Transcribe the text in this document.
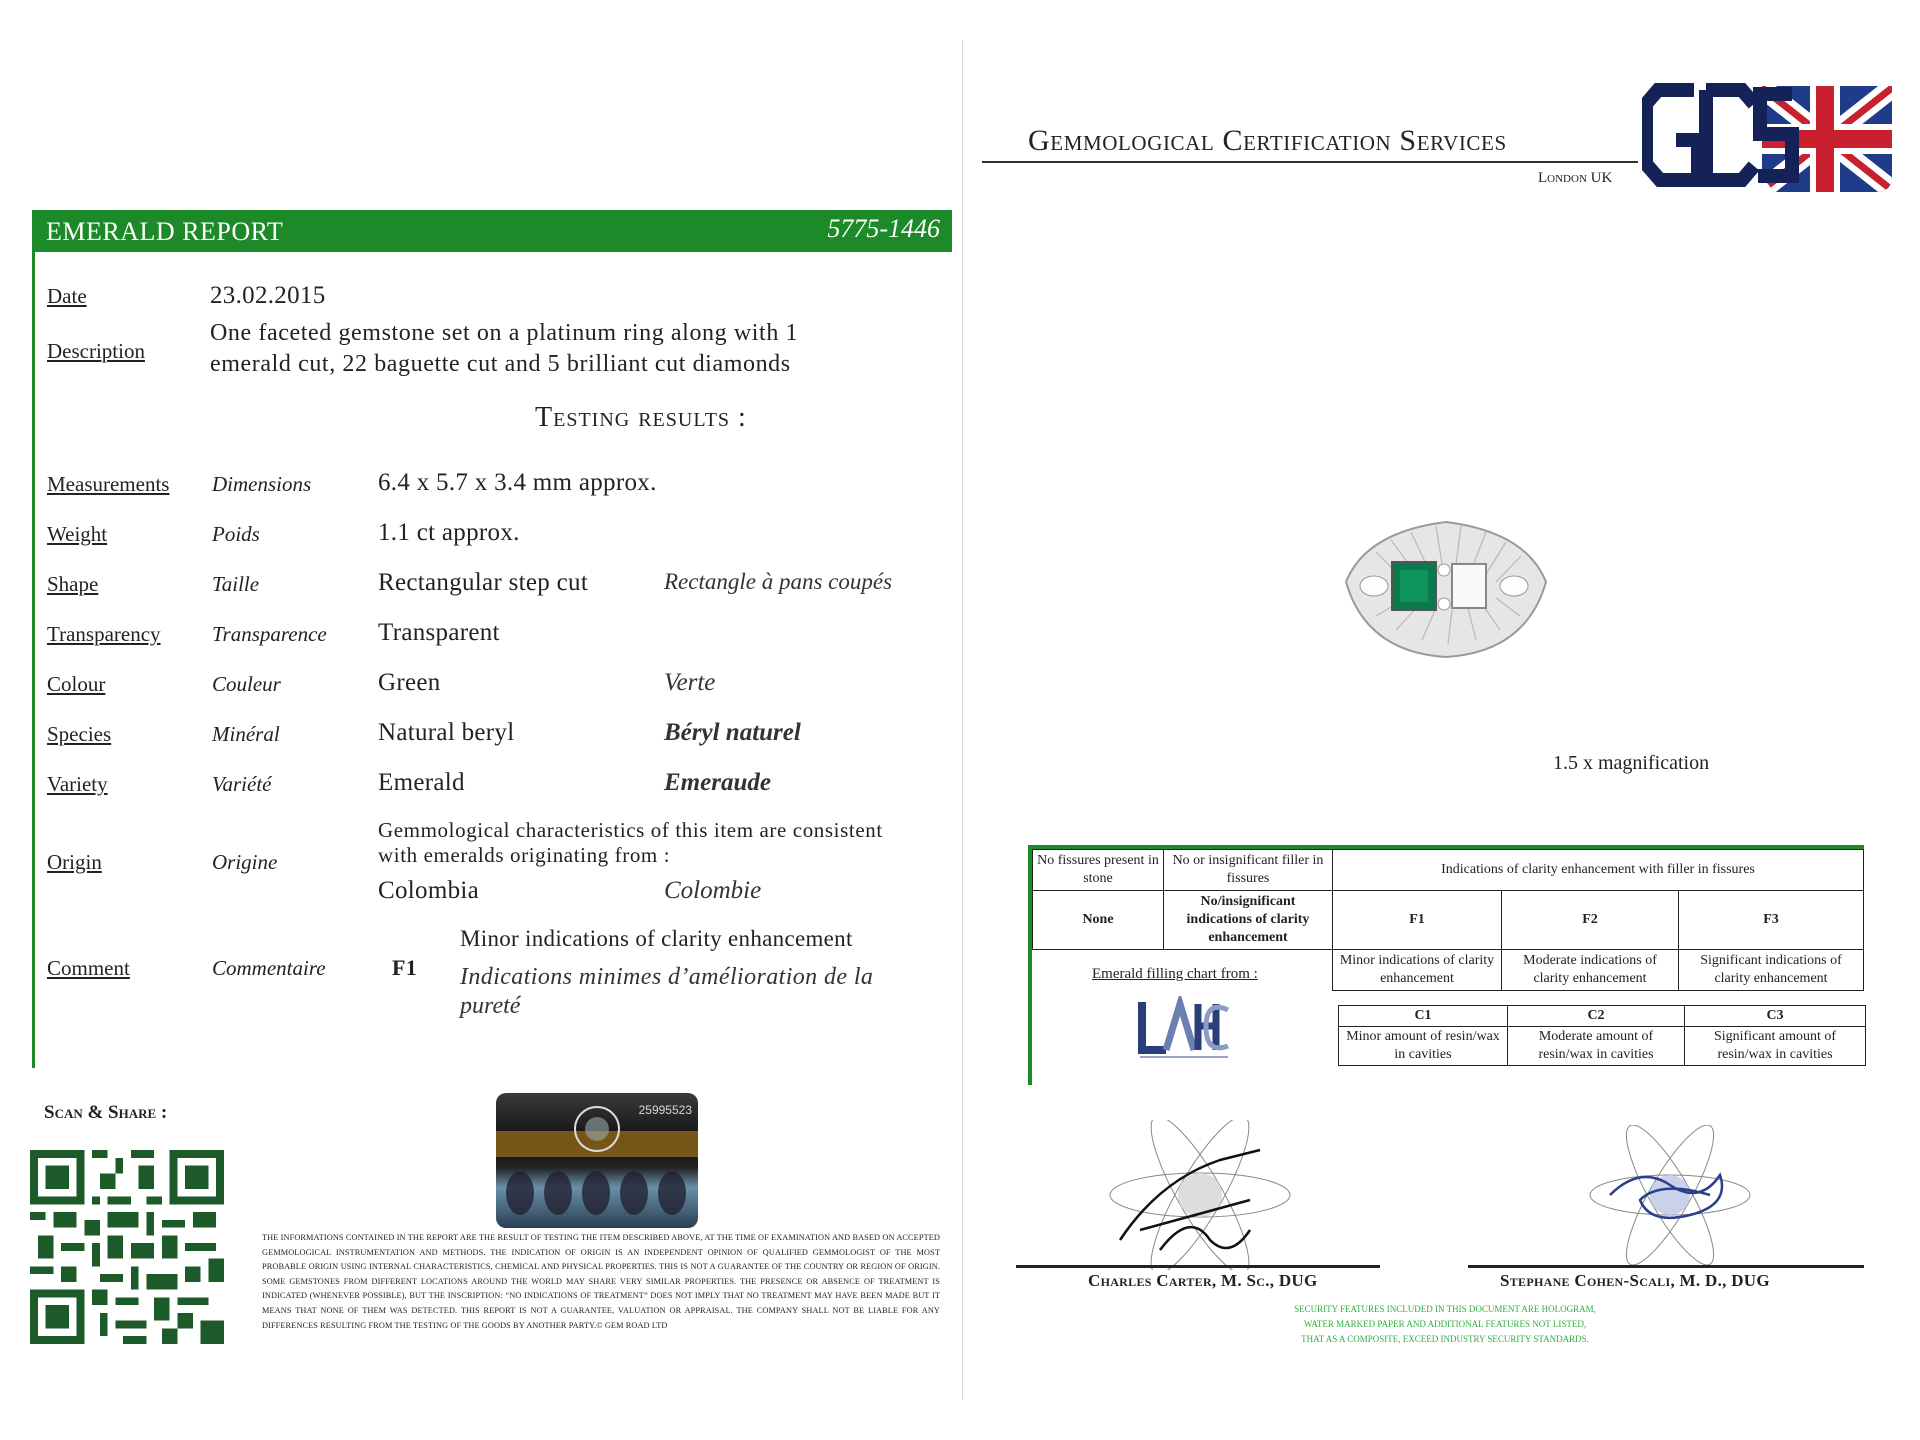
EMERALD REPORT	5775-1446
Date	23.02.2015
Description
One faceted gemstone set on a platinum ring along with 1
emerald cut, 22 baguette cut and 5 brilliant cut diamonds
Testing results :
Measurements Dimensions	6.4 x 5.7 x 3.4 mm approx.
Weight	Poids	1.1 ct approx.
Shape	Taille	Rectangular step cut	Rectangle à pans coupés
Transparency Transparence Transparent
Colour	Couleur	Green	Verte
Species	Minéral	Natural beryl	Béryl naturel
Variety	Variété	Emerald	Emeraude
Gemmological characteristics of this item are consistent
with emeralds originating from :
Origin	Origine
Colombia	Colombie
Comment	Commentaire	F1
Minor indications of clarity enhancement
Indications minimes d’amélioration de la
pureté
Scan & Share :	25995523
THE INFORMATIONS CONTAINED IN THE REPORT ARE THE RESULT OF TESTING THE ITEM DESCRIBED ABOVE, AT THE TIME OF EXAMINATION AND BASED ON ACCEPTED GEMMOLOGICAL INSTRUMENTATION AND METHODS. THE INDICATION OF ORIGIN IS AN INDEPENDENT OPINION OF QUALIFIED GEMMOLOGIST OF THE MOST PROBABLE ORIGIN USING INTERNAL CHARACTERISTICS, CHEMICAL AND PHYSICAL PROPERTIES. THIS IS NOT A GUARANTEE OF THE COUNTRY OR REGION OF ORIGIN. SOME GEMSTONES FROM DIFFERENT LOCATIONS AROUND THE WORLD MAY SHARE VERY SIMILAR PROPERTIES. THE PRESENCE OR ABSENCE OF TREATMENT IS INDICATED (WHENEVER POSSIBLE), BUT THE INSCRIPTION: “NO INDICATIONS OF TREATMENT” DOES NOT IMPLY THAT NO TREATMENT MAY HAVE BEEN MADE BUT IT MEANS THAT NONE OF THEM WAS DETECTED. THIS REPORT IS NOT A GUARANTEE, VALUATION OR APPRAISAL. THE COMPANY SHALL NOT BE LIABLE FOR ANY DIFFERENCES RESULTING FROM THE TESTING OF THE GOODS BY ANOTHER PARTY.© GEM ROAD LTD
Gemmological Certification Services
London UK
1.5 x magnification
No fissures present in stone	No or insignificant filler in fissures	Indications of clarity enhancement with filler in fissures		
None	No/insignificant indications of clarity enhancement	F1	F2	F3
		Minor indications of clarity enhancement	Moderate indications of clarity enhancement	Significant indications of clarity enhancement
Emerald filling chart from :
C1	C2	C3
Minor amount of resin/wax in cavities	Moderate amount of resin/wax in cavities	Significant amount of resin/wax in cavities
Charles Carter, M. Sc., DUG	Stephane Cohen-Scali, M. D., DUG
SECURITY FEATURES INCLUDED IN THIS DOCUMENT ARE HOLOGRAM,
WATER MARKED PAPER AND ADDITIONAL FEATURES NOT LISTED,
THAT AS A COMPOSITE, EXCEED INDUSTRY SECURITY STANDARDS.
